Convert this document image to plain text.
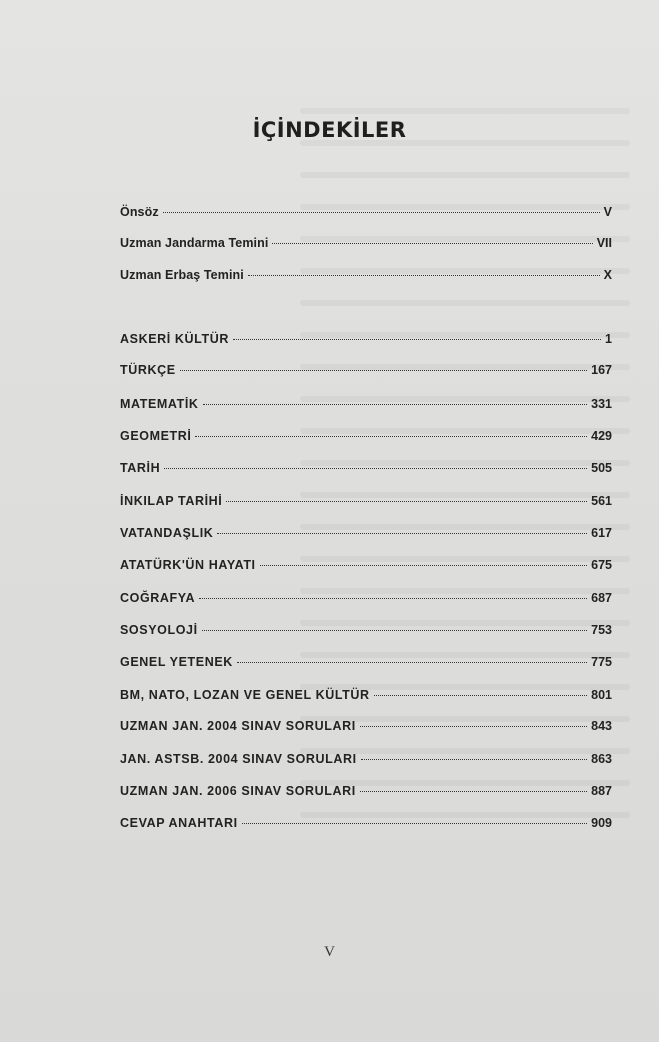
İÇİNDEKİLER
Önsöz	V
Uzman Jandarma Temini	VII
Uzman Erbaş Temini	X
ASKERİ KÜLTÜR	1
TÜRKÇE	167
MATEMATİK	331
GEOMETRİ	429
TARİH	505
İNKILAP TARİHİ	561
VATANDAŞLIK	617
ATATÜRK'ÜN HAYATI	675
COĞRAFYA	687
SOSYOLOJİ	753
GENEL YETENEK	775
BM, NATO, LOZAN VE GENEL KÜLTÜR	801
UZMAN JAN. 2004 SINAV SORULARI	843
JAN. ASTSB. 2004 SINAV SORULARI	863
UZMAN JAN. 2006 SINAV SORULARI	887
CEVAP ANAHTARI	909
V
